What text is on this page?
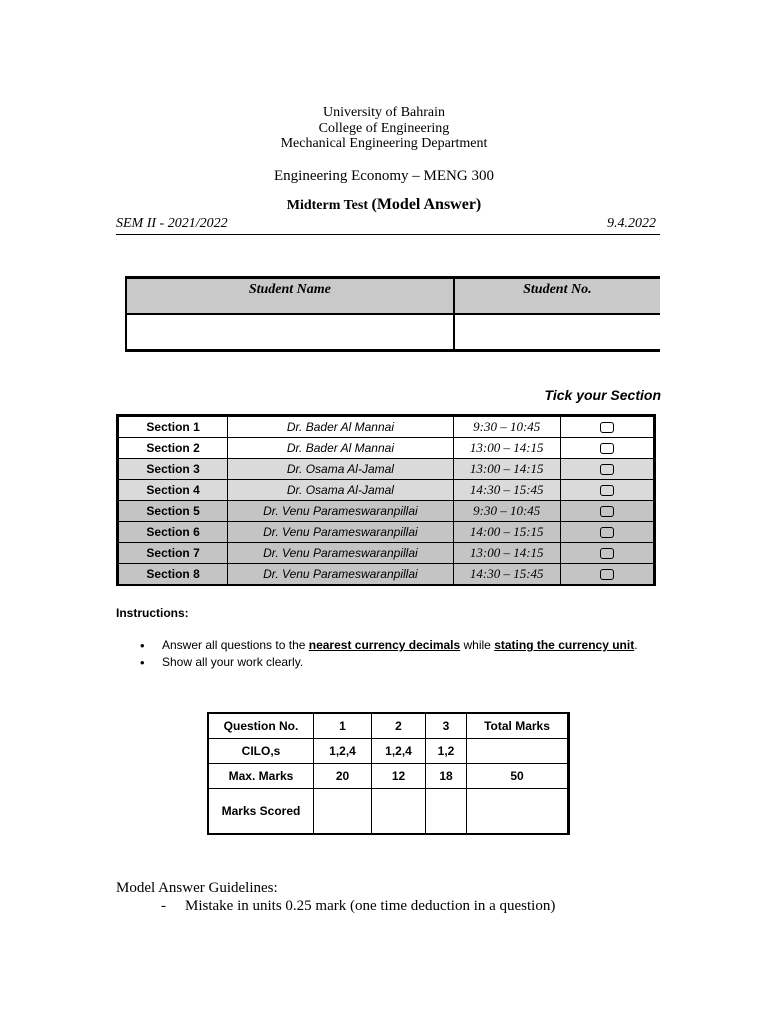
University of Bahrain
College of Engineering
Mechanical Engineering Department
Engineering Economy – MENG 300
Midterm Test (Model Answer)
SEM II - 2021/2022	9.4.2022
Student Name	Student No.

Tick your Section
Section 1	Dr. Bader Al Mannai	9:30 – 10:45	
Section 2	Dr. Bader Al Mannai	13:00 – 14:15	
Section 3	Dr. Osama Al-Jamal	13:00 – 14:15	
Section 4	Dr. Osama Al-Jamal	14:30 – 15:45	
Section 5	Dr. Venu Parameswaranpillai	9:30 – 10:45	
Section 6	Dr. Venu Parameswaranpillai	14:00 – 15:15	
Section 7	Dr. Venu Parameswaranpillai	13:00 – 14:15	
Section 8	Dr. Venu Parameswaranpillai	14:30 – 15:45	
Instructions:
• Answer all questions to the nearest currency decimals while stating the currency unit.
• Show all your work clearly.
Question No.	1	2	3	Total Marks
CILO,s	1,2,4	1,2,4	1,2	
Max. Marks	20	12	18	50
Marks Scored				
Model Answer Guidelines:
- Mistake in units 0.25 mark (one time deduction in a question)
